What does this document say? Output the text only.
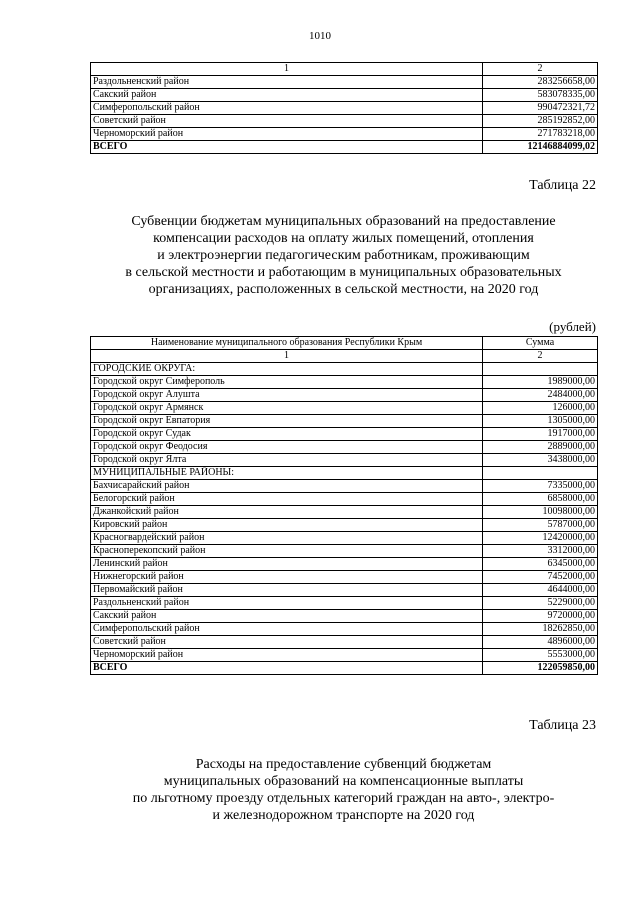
1010
1	2
Раздольненский район	283256658,00
Сакский район	583078335,00
Симферопольский район	990472321,72
Советский район	285192852,00
Черноморский район	271783218,00
ВСЕГО	12146884099,02
Таблица 22
Субвенции бюджетам муниципальных образований на предоставление
компенсации расходов на оплату жилых помещений, отопления
и электроэнергии педагогическим работникам, проживающим
в сельской местности и работающим в муниципальных образовательных
организациях, расположенных в сельской местности, на 2020 год
(рублей)
Наименование муниципального образования Республики Крым	Сумма
1	2
ГОРОДСКИЕ ОКРУГА:	
Городской округ Симферополь	1989000,00
Городской округ Алушта	2484000,00
Городской округ Армянск	126000,00
Городской округ Евпатория	1305000,00
Городской округ Судак	1917000,00
Городской округ Феодосия	2889000,00
Городской округ Ялта	3438000,00
МУНИЦИПАЛЬНЫЕ РАЙОНЫ:	
Бахчисарайский район	7335000,00
Белогорский район	6858000,00
Джанкойский район	10098000,00
Кировский район	5787000,00
Красногвардейский район	12420000,00
Красноперекопский район	3312000,00
Ленинский район	6345000,00
Нижнегорский район	7452000,00
Первомайский район	4644000,00
Раздольненский район	5229000,00
Сакский район	9720000,00
Симферопольский район	18262850,00
Советский район	4896000,00
Черноморский район	5553000,00
ВСЕГО	122059850,00
Таблица 23
Расходы на предоставление субвенций бюджетам
муниципальных образований на компенсационные выплаты
по льготному проезду отдельных категорий граждан на авто-, электро-
и железнодорожном транспорте на 2020 год
